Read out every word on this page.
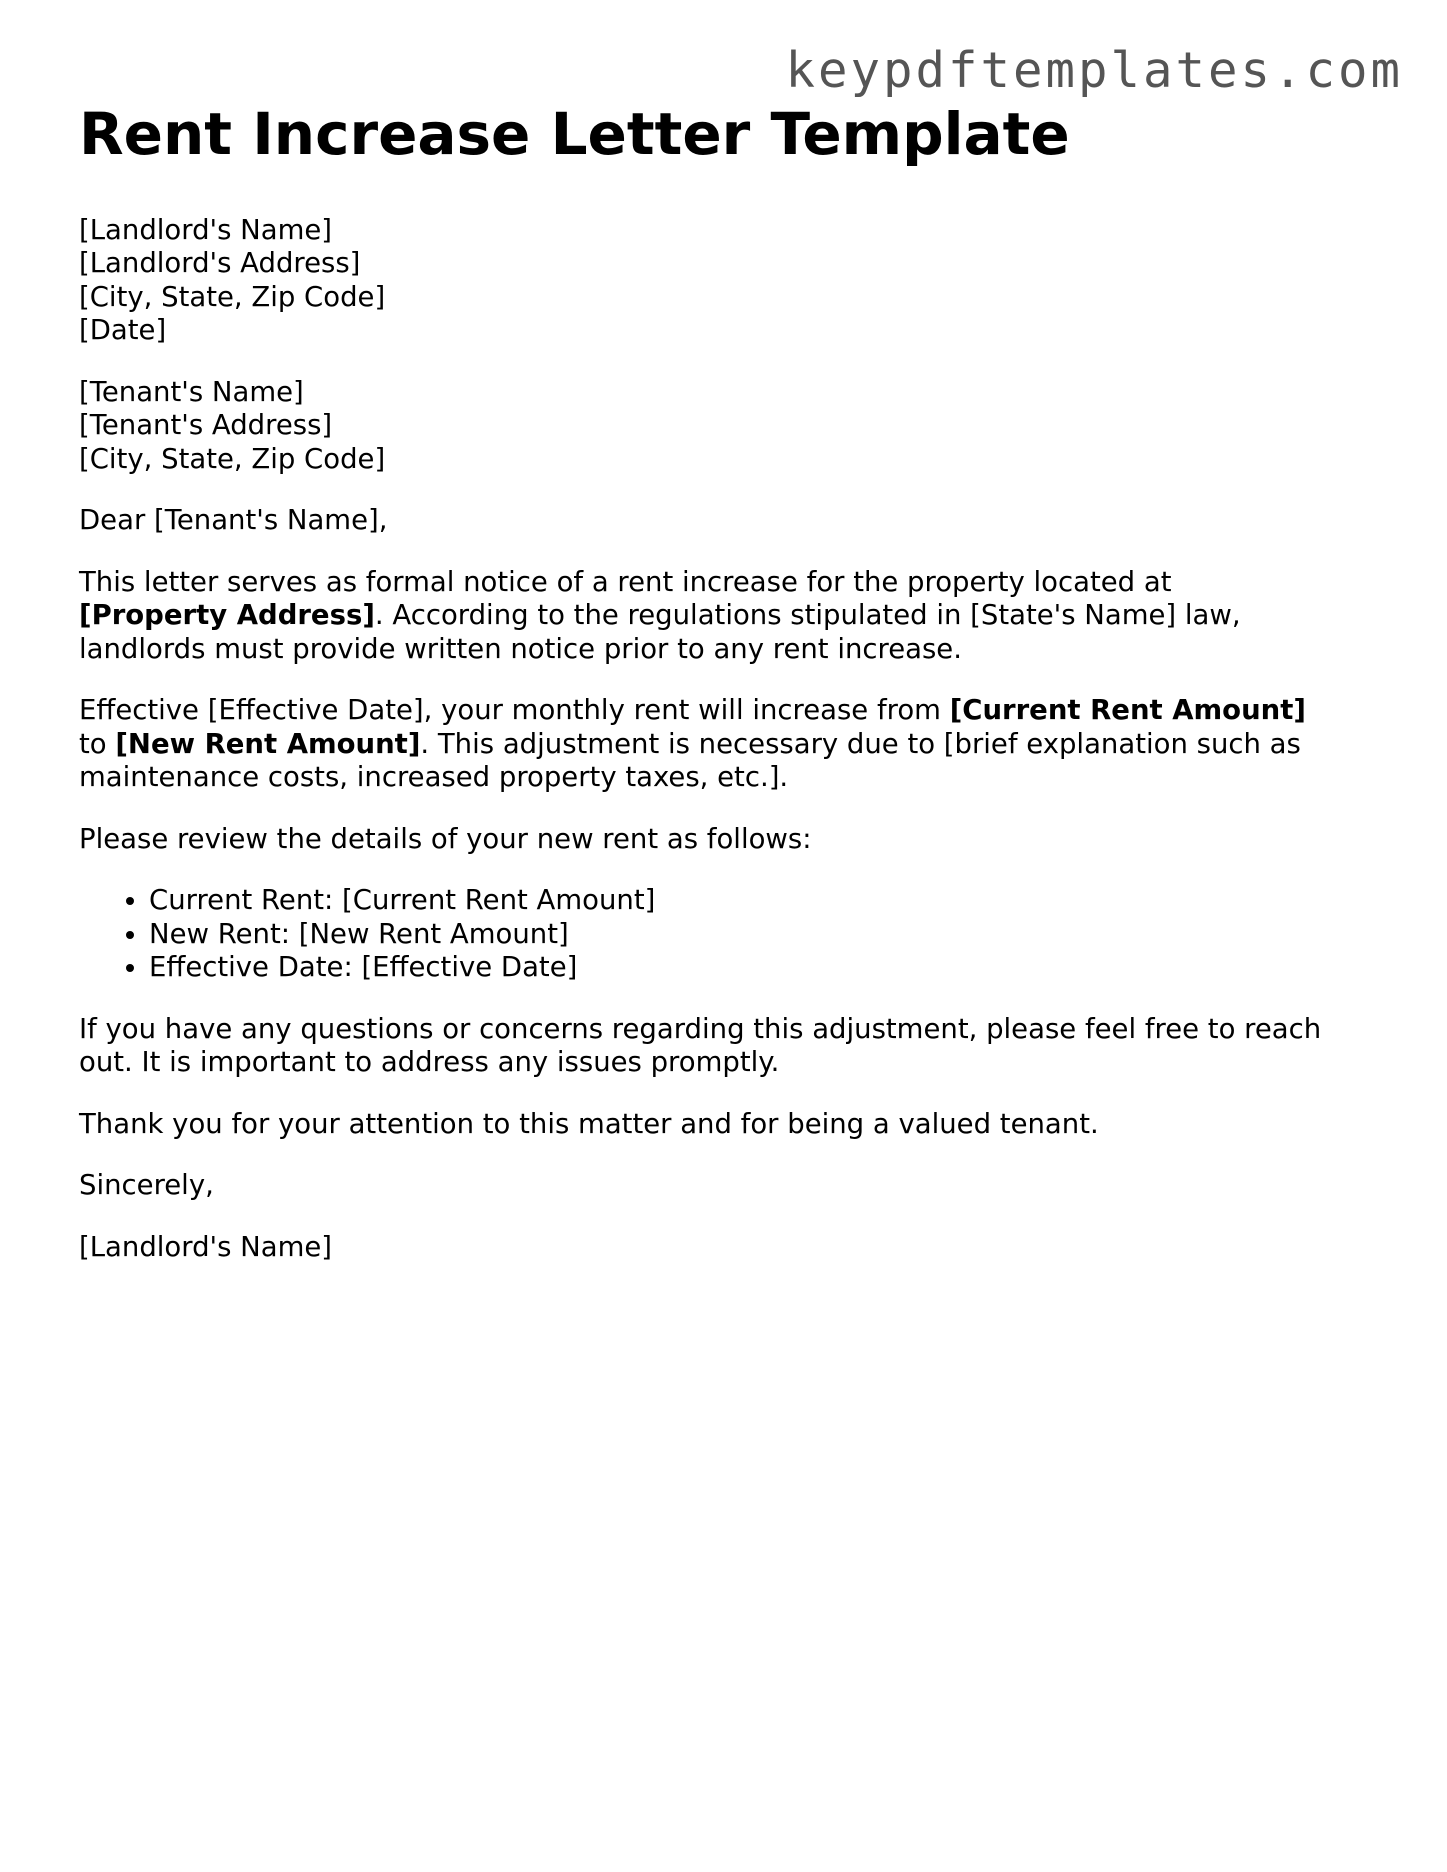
keypdftemplates.com
Rent Increase Letter Template

[Landlord's Name]
[Landlord's Address]
[City, State, Zip Code]
[Date]

[Tenant's Name]
[Tenant's Address]
[City, State, Zip Code]

Dear [Tenant's Name],

This letter serves as formal notice of a rent increase for the property located at
[Property Address]. According to the regulations stipulated in [State's Name] law,
landlords must provide written notice prior to any rent increase.

Effective [Effective Date], your monthly rent will increase from [Current Rent Amount]
to [New Rent Amount]. This adjustment is necessary due to [brief explanation such as
maintenance costs, increased property taxes, etc.].

Please review the details of your new rent as follows:

• Current Rent: [Current Rent Amount]
• New Rent: [New Rent Amount]
• Effective Date: [Effective Date]

If you have any questions or concerns regarding this adjustment, please feel free to reach
out. It is important to address any issues promptly.

Thank you for your attention to this matter and for being a valued tenant.

Sincerely,

[Landlord's Name]
